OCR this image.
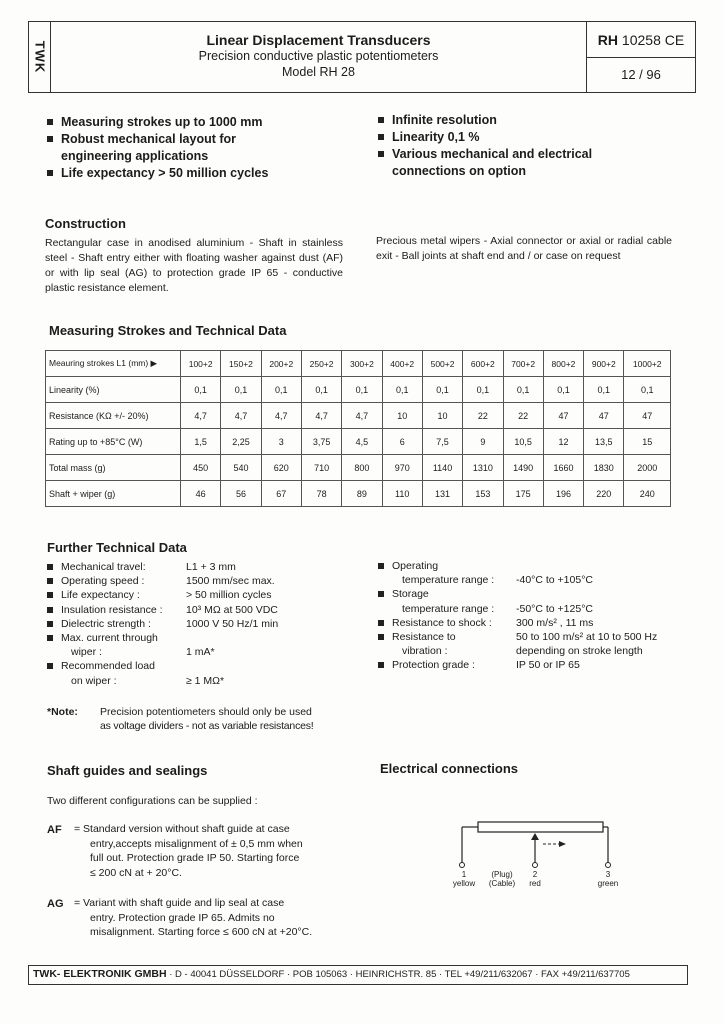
TWK
Linear Displacement Transducers
Precision conductive plastic potentiometers
Model RH 28
RH 10258 CE
12 / 96
Measuring strokes up to 1000 mm
Robust mechanical layout for
engineering applications
Life expectancy > 50 million cycles
Infinite resolution
Linearity 0,1 %
Various mechanical and electrical
connections on option
Construction
Rectangular case in anodised aluminium - Shaft in stainless steel - Shaft entry either with floating washer against dust (AF) or with lip seal (AG) to protection grade IP 65 - conductive plastic resistance element.
Precious metal wipers - Axial connector or axial or radial cable exit - Ball joints at shaft end and / or case on request
Measuring Strokes and Technical Data
Meauring strokes L1 (mm) ▶	100+2	150+2	200+2	250+2	300+2	400+2	500+2	600+2	700+2	800+2	900+2	1000+2
Linearity (%)	0,1	0,1	0,1	0,1	0,1	0,1	0,1	0,1	0,1	0,1	0,1	0,1
Resistance (KΩ +/- 20%)	4,7	4,7	4,7	4,7	4,7	10	10	22	22	47	47	47
Rating up to +85°C (W)	1,5	2,25	3	3,75	4,5	6	7,5	9	10,5	12	13,5	15
Total mass (g)	450	540	620	710	800	970	1140	1310	1490	1660	1830	2000
Shaft + wiper (g)	46	56	67	78	89	110	131	153	175	196	220	240
Further Technical Data
Mechanical travel:	L1 + 3 mm
Operating speed :	1500 mm/sec max.
Life expectancy :	> 50 million cycles
Insulation resistance : 10³ MΩ at 500 VDC
Dielectric strength :	1000 V 50 Hz/1 min
Max. current through
wiper :	1 mA*
Recommended load
on wiper :	≥ 1 MΩ*
Operating
temperature range : -40°C to +105°C
Storage
temperature range : -50°C to +125°C
Resistance to shock : 300 m/s² , 11 ms
Resistance to	50 to 100 m/s² at 10 to 500 Hz
vibration :	depending on stroke length
Protection grade :	IP 50 or IP 65
*Note: Precision potentiometers should only be used
as voltage dividers - not as variable resistances!
Shaft guides and sealings
Two different configurations can be supplied :
AF = Standard version without shaft guide at case
entry,accepts misalignment of ± 0,5 mm when
full out. Protection grade IP 50. Starting force
≤ 200 cN at + 20°C.
AG = Variant with shaft guide and lip seal at case
entry. Protection grade IP 65. Admits no
misalignment. Starting force ≤ 600 cN at +20°C.
Electrical connections
1
yellow
(Plug)
(Cable)
2
red
3
green
TWK- ELEKTRONIK GMBH · D - 40041 DÜSSELDORF · POB 105063 · HEINRICHSTR. 85 · TEL +49/211/632067 · FAX +49/211/637705
